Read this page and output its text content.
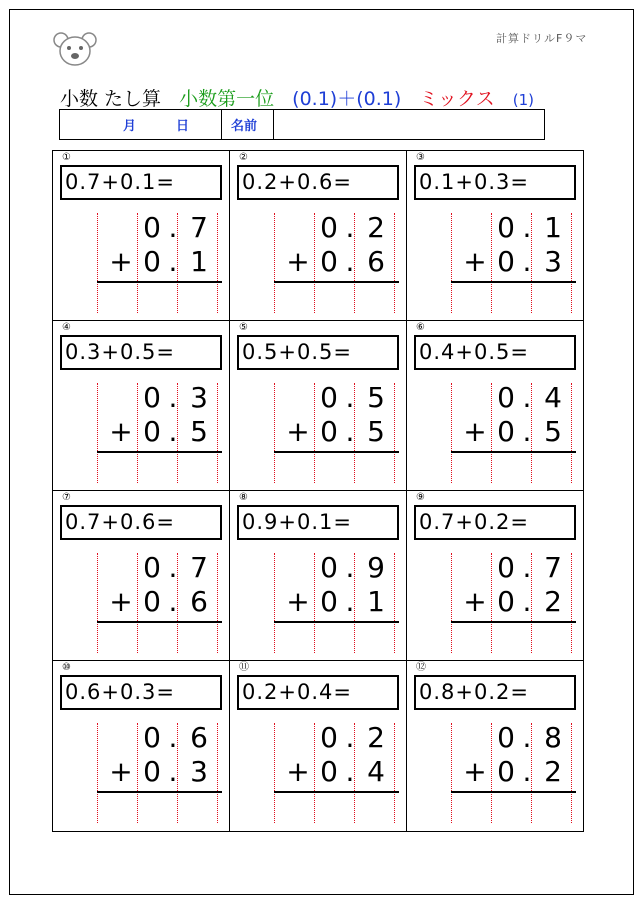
計算ドリルF９マ
小数 たし算 小数第一位 (0.1)＋(0.1) ミックス (1)
月	日	名前
①
0.7+0.1=
0 . 7
+ 0 . 1
②
0.2+0.6=
0 . 2
+ 0 . 6
③
0.1+0.3=
0 . 1
+ 0 . 3
④
0.3+0.5=
0 . 3
+ 0 . 5
⑤
0.5+0.5=
0 . 5
+ 0 . 5
⑥
0.4+0.5=
0 . 4
+ 0 . 5
⑦
0.7+0.6=
0 . 7
+ 0 . 6
⑧
0.9+0.1=
0 . 9
+ 0 . 1
⑨
0.7+0.2=
0 . 7
+ 0 . 2
⑩
0.6+0.3=
0 . 6
+ 0 . 3
⑪
0.2+0.4=
0 . 2
+ 0 . 4
⑫
0.8+0.2=
0 . 8
+ 0 . 2
